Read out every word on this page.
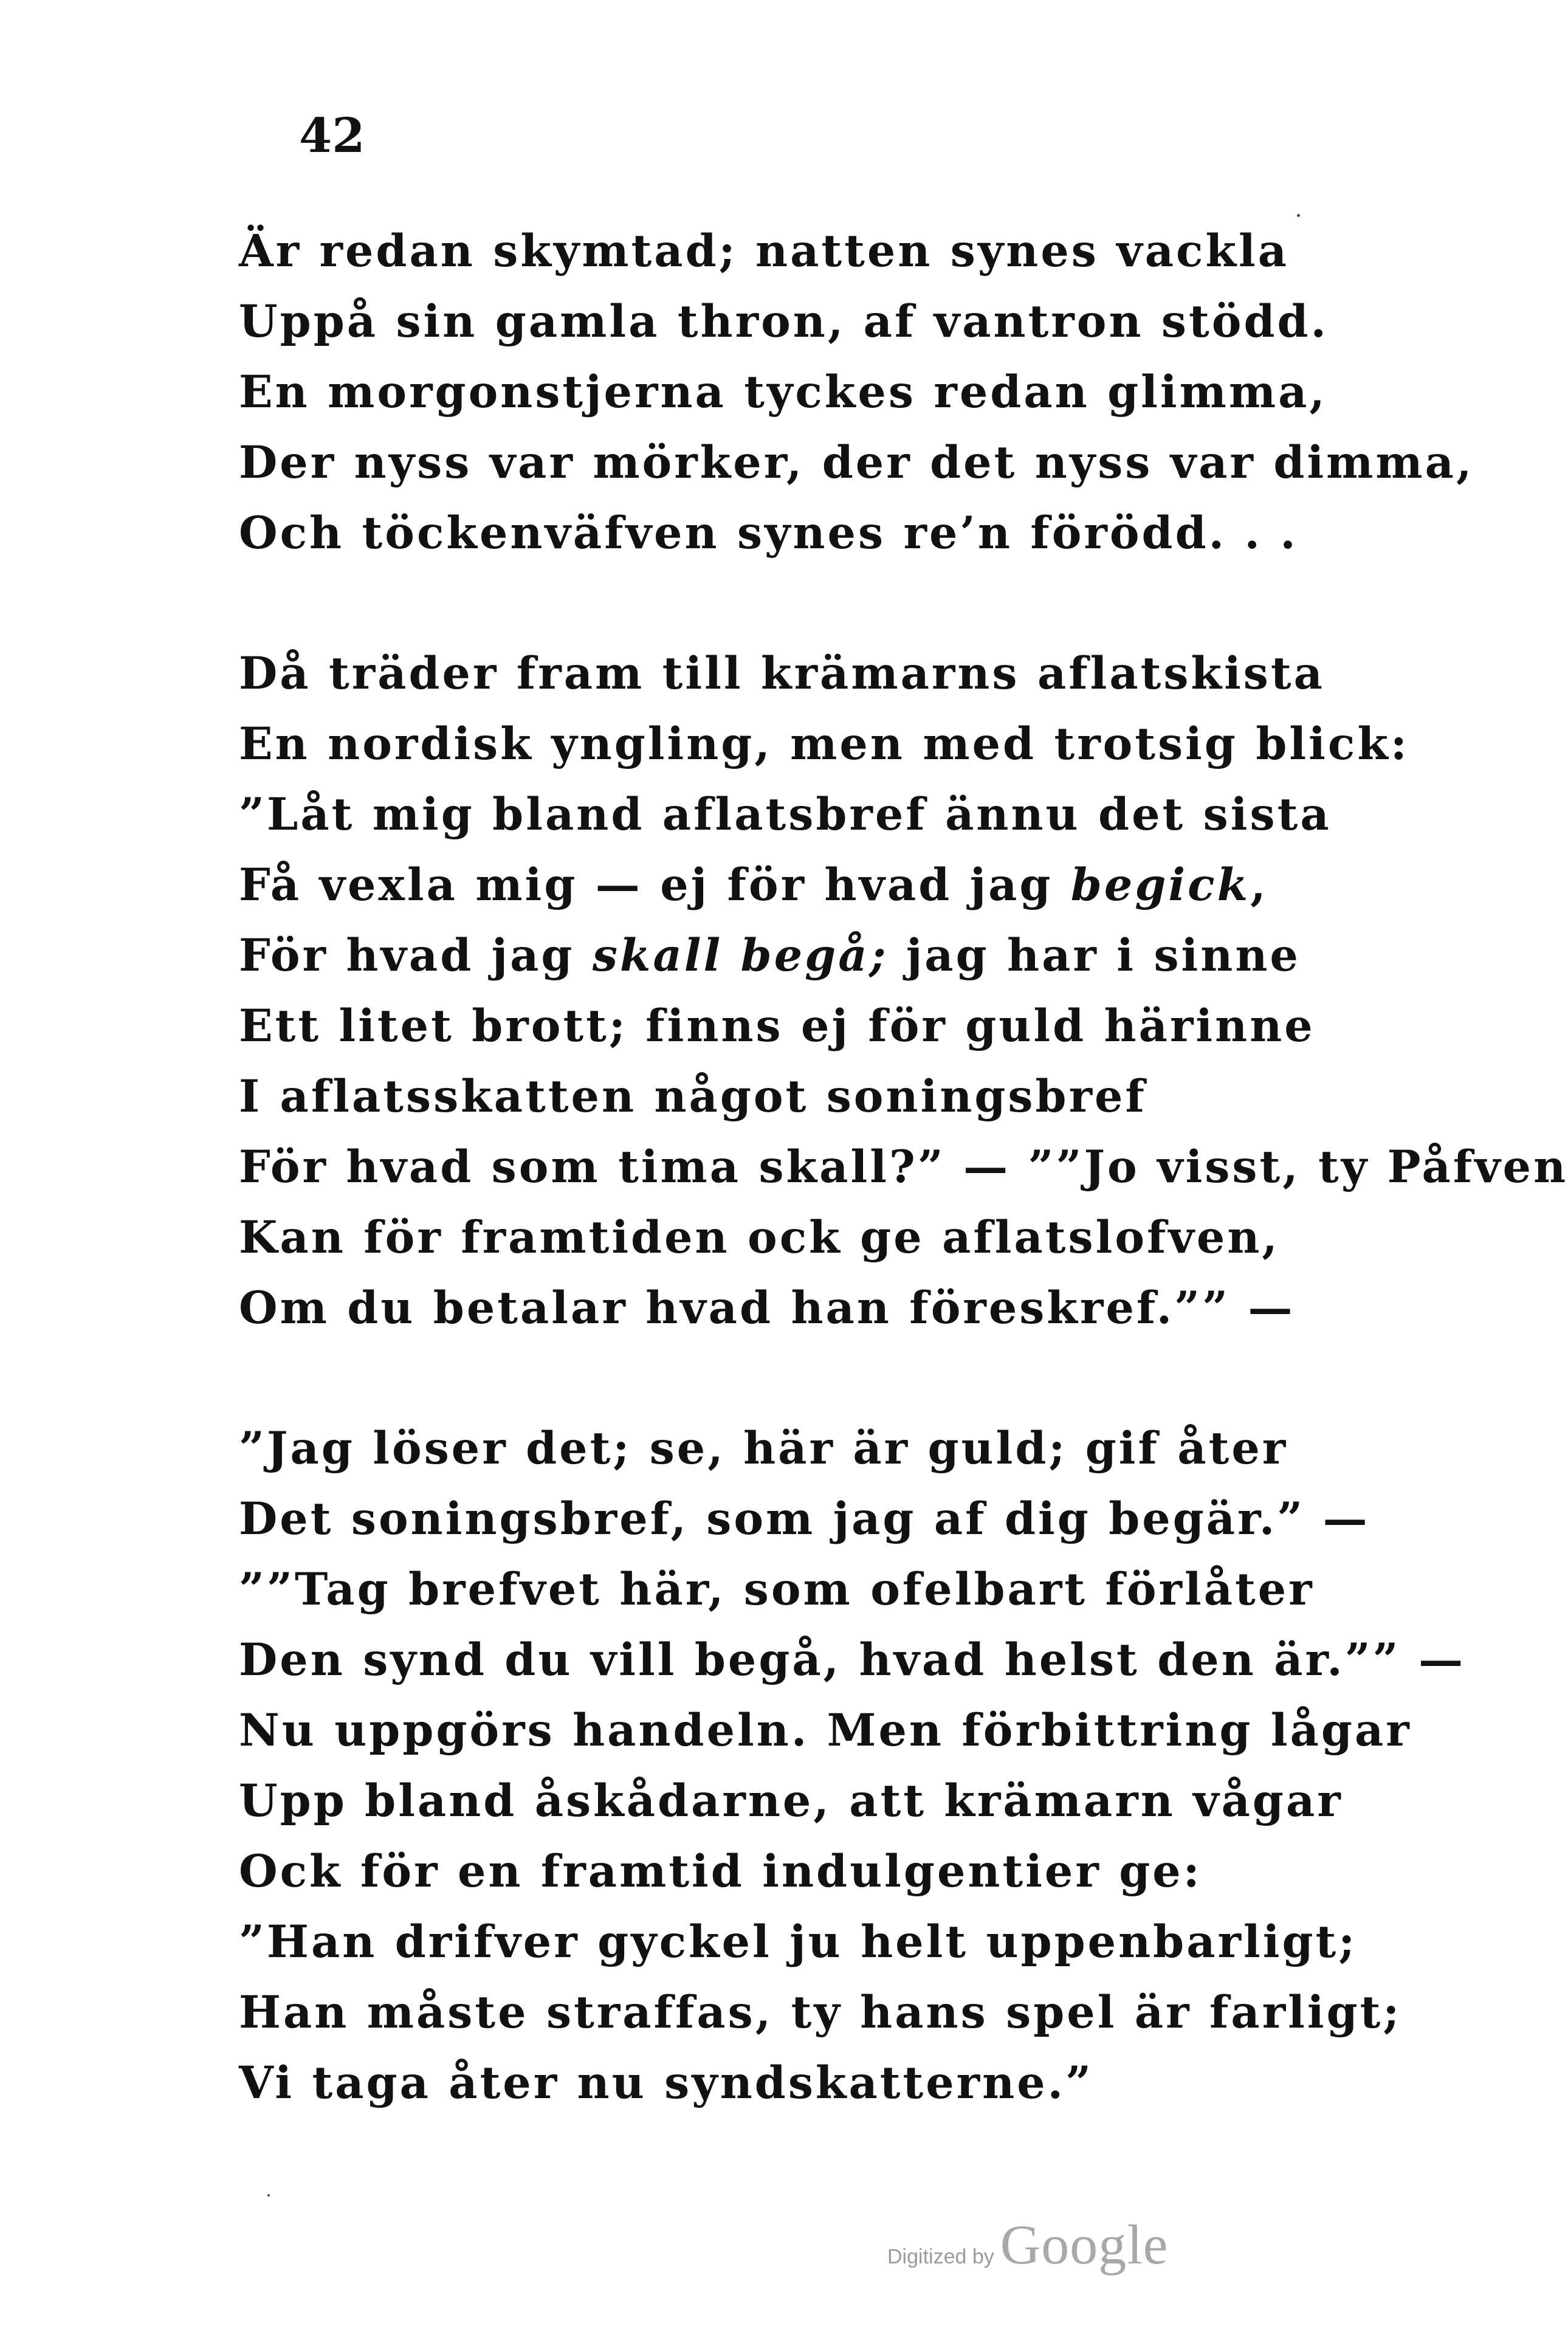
42
Är redan skymtad; natten synes vackla
Uppå sin gamla thron, af vantron stödd.
En morgonstjerna tyckes redan glimma,
Der nyss var mörker, der det nyss var dimma,
Och töckenväfven synes re’n förödd. . .
Då träder fram till krämarns aflatskista
En nordisk yngling, men med trotsig blick:
”Låt mig bland aflatsbref ännu det sista
Få vexla mig — ej för hvad jag begick,
För hvad jag skall begå; jag har i sinne
Ett litet brott; finns ej för guld härinne
I aflatsskatten något soningsbref
För hvad som tima skall?” — ””Jo visst, ty Påfven
Kan för framtiden ock ge aflatslofven,
Om du betalar hvad han föreskref.”” —
”Jag löser det; se, här är guld; gif åter
Det soningsbref, som jag af dig begär.” —
””Tag brefvet här, som ofelbart förlåter
Den synd du vill begå, hvad helst den är.”” —
Nu uppgörs handeln. Men förbittring lågar
Upp bland åskådarne, att krämarn vågar
Ock för en framtid indulgentier ge:
”Han drifver gyckel ju helt uppenbarligt;
Han måste straffas, ty hans spel är farligt;
Vi taga åter nu syndskatterne.”
Digitized by Google
